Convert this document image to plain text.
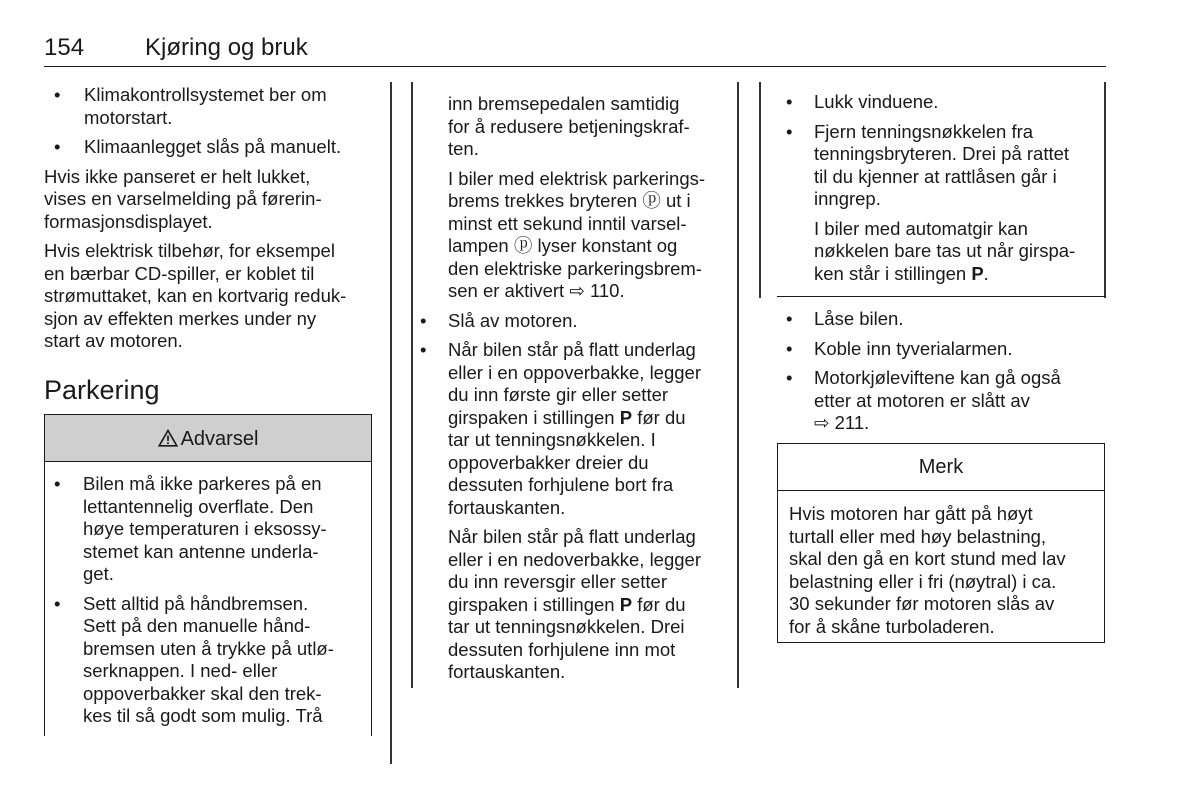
154	Kjøring og bruk
• Klimakontrollsystemet ber om
motorstart.
• Klimaanlegget slås på manuelt.
Hvis ikke panseret er helt lukket,
vises en varselmelding på førerin-
formasjonsdisplayet.
Hvis elektrisk tilbehør, for eksempel
en bærbar CD-spiller, er koblet til
strømuttaket, kan en kortvarig reduk-
sjon av effekten merkes under ny
start av motoren.
Parkering
Advarsel
• Bilen må ikke parkeres på en
lettantennelig overflate. Den
høye temperaturen i eksossy-
stemet kan antenne underla-
get.
• Sett alltid på håndbremsen.
Sett på den manuelle hånd-
bremsen uten å trykke på utlø-
serknappen. I ned- eller
oppoverbakker skal den trek-
kes til så godt som mulig. Trå
inn bremsepedalen samtidig
for å redusere betjeningskraf-
ten.
I biler med elektrisk parkerings-
brems trekkes bryteren ⓟ ut i
minst ett sekund inntil varsel-
lampen ⓟ lyser konstant og
den elektriske parkeringsbrem-
sen er aktivert ⇨ 110.
• Slå av motoren.
• Når bilen står på flatt underlag
eller i en oppoverbakke, legger
du inn første gir eller setter
girspaken i stillingen P før du
tar ut tenningsnøkkelen. I
oppoverbakker dreier du
dessuten forhjulene bort fra
fortauskanten.
Når bilen står på flatt underlag
eller i en nedoverbakke, legger
du inn reversgir eller setter
girspaken i stillingen P før du
tar ut tenningsnøkkelen. Drei
dessuten forhjulene inn mot
fortauskanten.
• Lukk vinduene.
• Fjern tenningsnøkkelen fra
tenningsbryteren. Drei på rattet
til du kjenner at rattlåsen går i
inngrep.
I biler med automatgir kan
nøkkelen bare tas ut når girspa-
ken står i stillingen P.
• Låse bilen.
• Koble inn tyverialarmen.
• Motorkjøleviftene kan gå også
etter at motoren er slått av
⇨ 211.
Merk
Hvis motoren har gått på høyt
turtall eller med høy belastning,
skal den gå en kort stund med lav
belastning eller i fri (nøytral) i ca.
30 sekunder før motoren slås av
for å skåne turboladeren.
